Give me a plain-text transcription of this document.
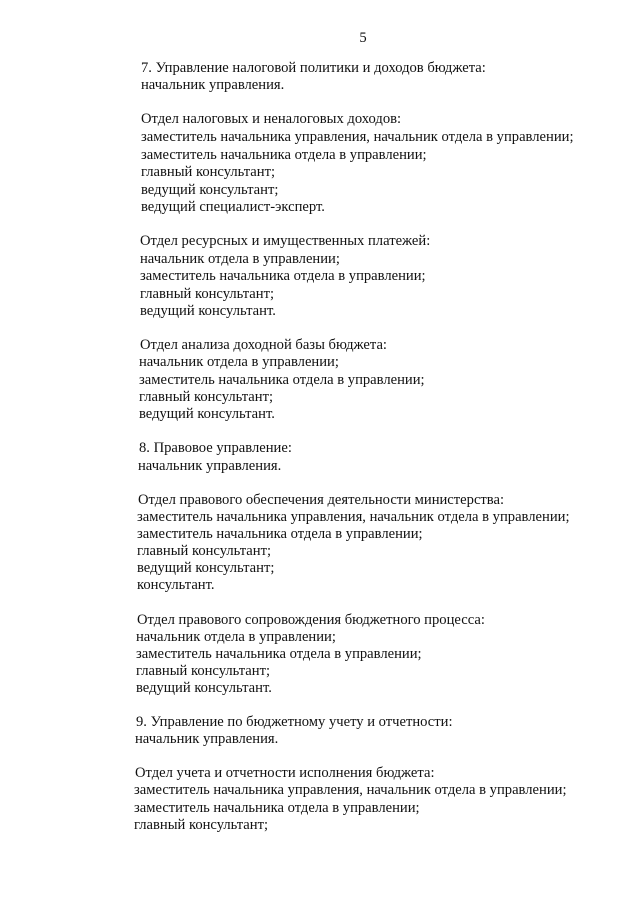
5
7. Управление налоговой политики и доходов бюджета:
начальник управления.
Отдел налоговых и неналоговых доходов:
заместитель начальника управления, начальник отдела в управлении;
заместитель начальника отдела в управлении;
главный консультант;
ведущий консультант;
ведущий специалист-эксперт.
Отдел ресурсных и имущественных платежей:
начальник отдела в управлении;
заместитель начальника отдела в управлении;
главный консультант;
ведущий консультант.
Отдел анализа доходной базы бюджета:
начальник отдела в управлении;
заместитель начальника отдела в управлении;
главный консультант;
ведущий консультант.
8. Правовое управление:
начальник управления.
Отдел правового обеспечения деятельности министерства:
заместитель начальника управления, начальник отдела в управлении;
заместитель начальника отдела в управлении;
главный консультант;
ведущий консультант;
консультант.
Отдел правового сопровождения бюджетного процесса:
начальник отдела в управлении;
заместитель начальника отдела в управлении;
главный консультант;
ведущий консультант.
9. Управление по бюджетному учету и отчетности:
начальник управления.
Отдел учета и отчетности исполнения бюджета:
заместитель начальника управления, начальник отдела в управлении;
заместитель начальника отдела в управлении;
главный консультант;
